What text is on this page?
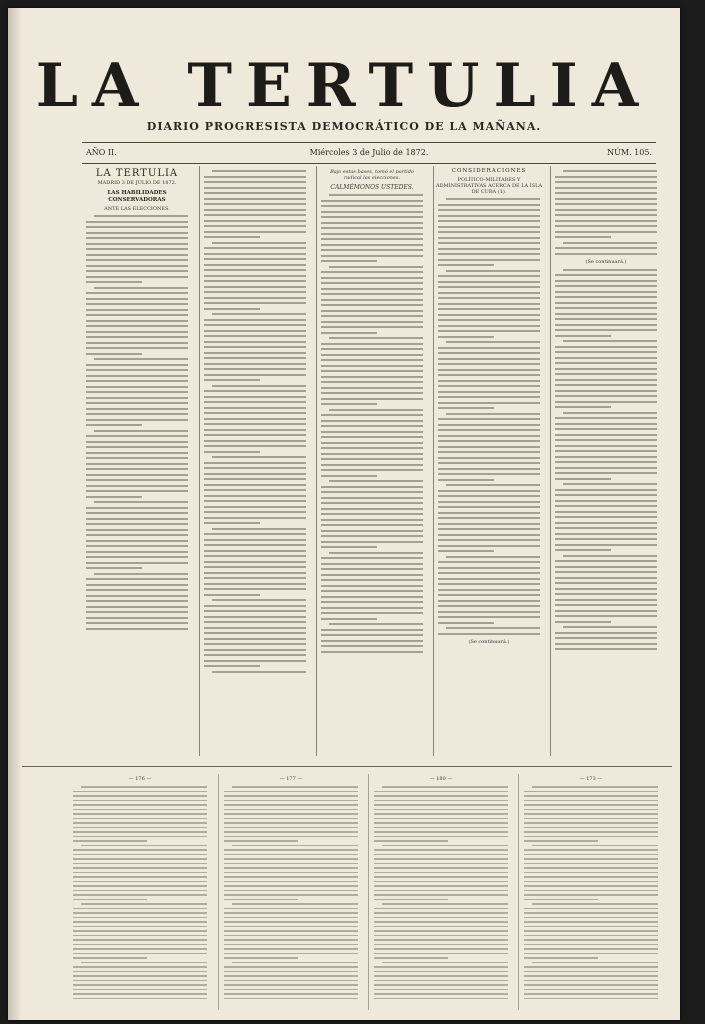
LA TERTULIA
DIARIO PROGRESISTA DEMOCRÁTICO DE LA MAÑANA.
AÑO II.	Miércoles 3 de Julio de 1872.	NÚM. 105.
LA TERTULIA
MADRID 3 DE JULIO DE 1872.
LAS HABILIDADES CONSERVADORAS
ANTE LAS ELECCIONES.
Bajo estas bases, tomó el partido radical las elecciones.
CALMÉMONOS USTEDES.
CONSIDERACIONES
POLÍTICO-MILITARES Y ADMINISTRATIVAS ACERCA DE LA ISLA DE CUBA (1).
(Se continuará.)
(Se continuará.)
— 176 —	— 177 —	— 180 —	— 173 —
